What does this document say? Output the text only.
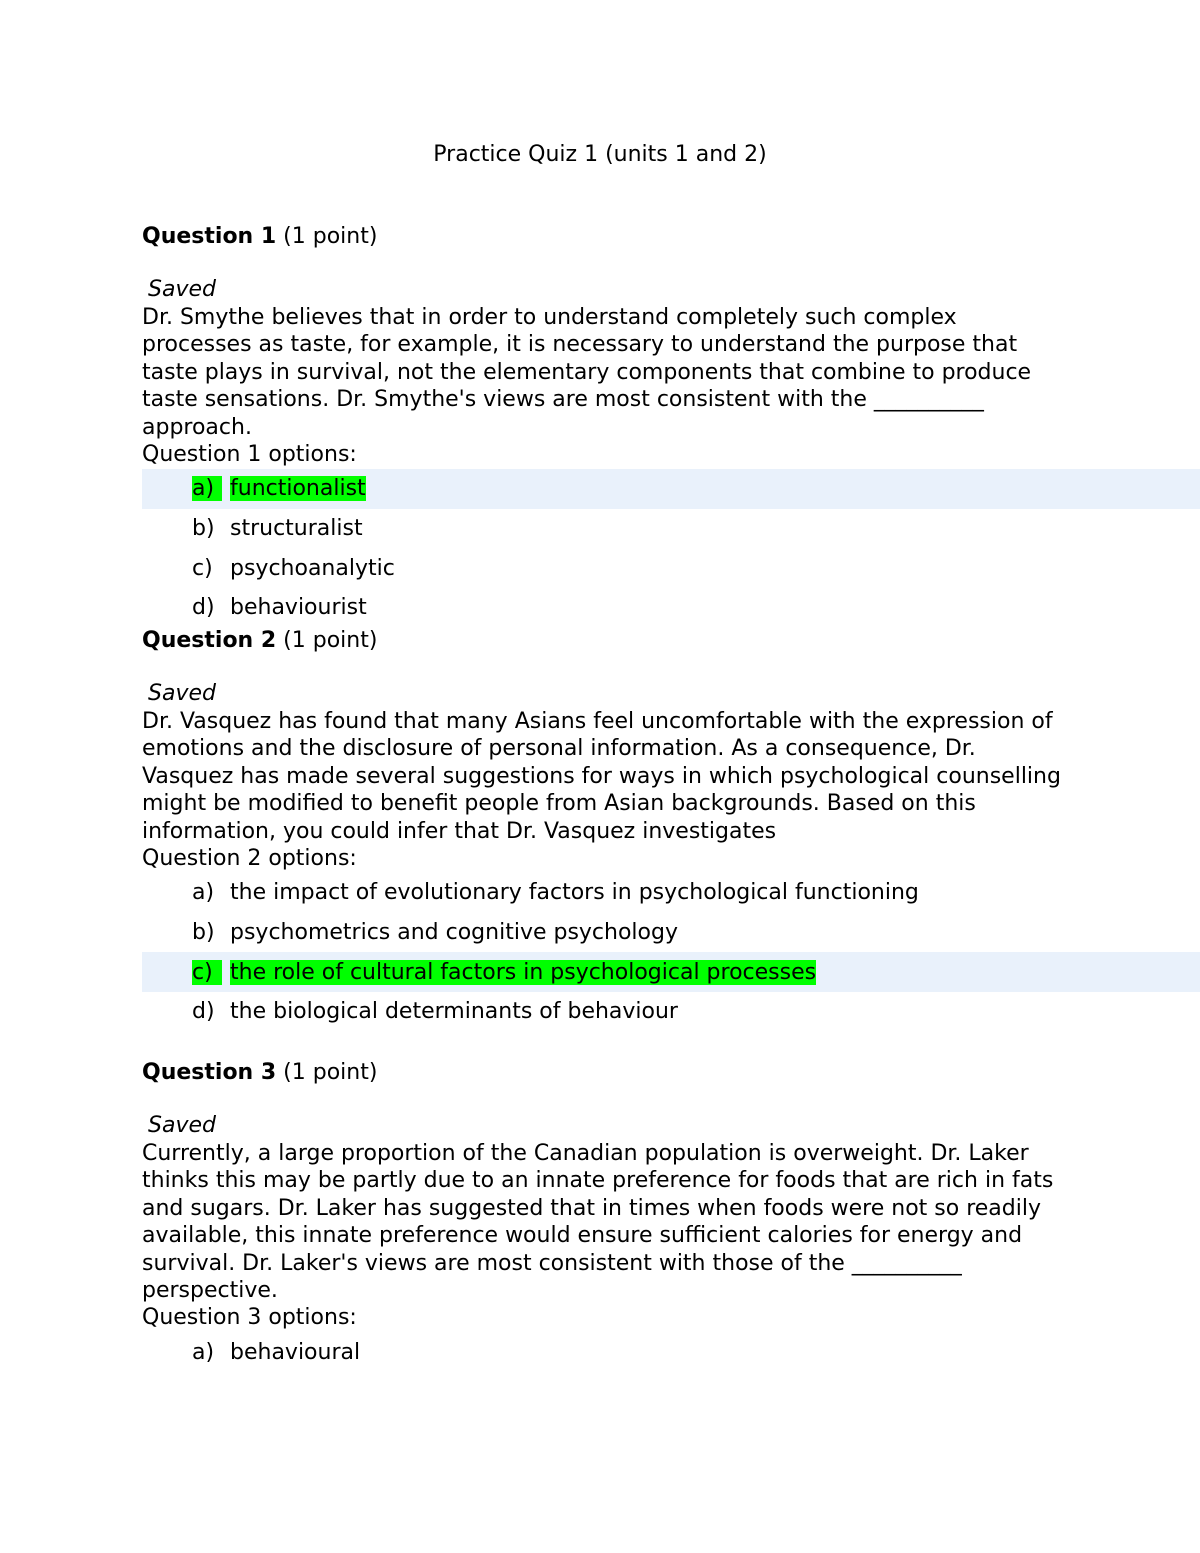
Practice Quiz 1 (units 1 and 2)
Question 1 (1 point)
Saved
Dr. Smythe believes that in order to understand completely such complex processes as taste, for example, it is necessary to understand the purpose that taste plays in survival, not the elementary components that combine to produce taste sensations. Dr. Smythe's views are most consistent with the __________ approach.
Question 1 options:
a) functionalist
b) structuralist
c) psychoanalytic
d) behaviourist
Question 2 (1 point)
Saved
Dr. Vasquez has found that many Asians feel uncomfortable with the expression of emotions and the disclosure of personal information. As a consequence, Dr. Vasquez has made several suggestions for ways in which psychological counselling might be modified to benefit people from Asian backgrounds. Based on this information, you could infer that Dr. Vasquez investigates
Question 2 options:
a) the impact of evolutionary factors in psychological functioning
b) psychometrics and cognitive psychology
c) the role of cultural factors in psychological processes
d) the biological determinants of behaviour
Question 3 (1 point)
Saved
Currently, a large proportion of the Canadian population is overweight. Dr. Laker thinks this may be partly due to an innate preference for foods that are rich in fats and sugars. Dr. Laker has suggested that in times when foods were not so readily available, this innate preference would ensure sufficient calories for energy and survival. Dr. Laker's views are most consistent with those of the __________ perspective.
Question 3 options:
a) behavioural
